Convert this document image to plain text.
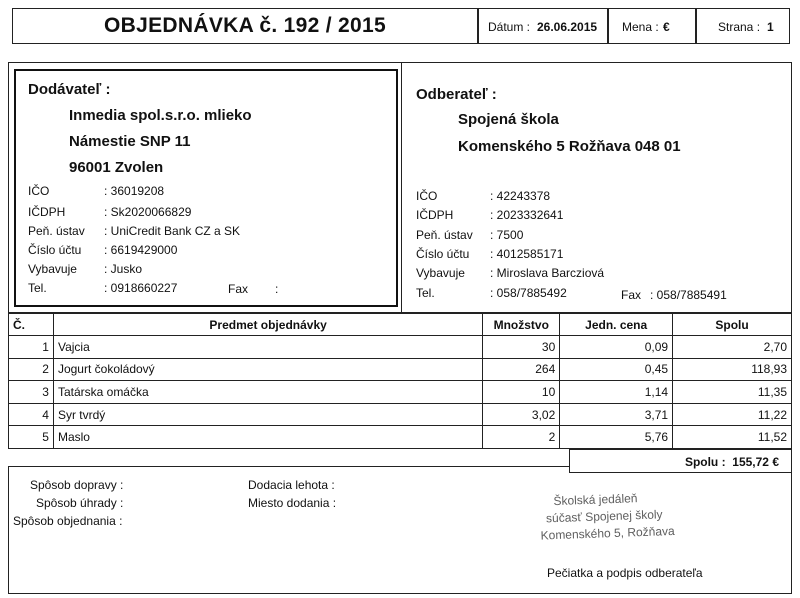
OBJEDNÁVKA č. 192 / 2015	Dátum : 26.06.2015 Mena : €	Strana : 1
Dodávateľ :
Inmedia spol.s.r.o. mlieko
Námestie SNP 11
96001 Zvolen
IČO	: 36019208
IČDPH	: Sk2020066829
Peň. ústav : UniCredit Bank CZ a SK
Číslo účtu : 6619429000
Vybavuje : Jusko
Tel.	: 0918660227	Fax :
Odberateľ :
Spojená škola
Komenského 5 Rožňava 048 01
IČO	: 42243378
IČDPH	: 2023332641
Peň. ústav : 7500
Číslo účtu : 4012585171
Vybavuje : Miroslava Barcziová
Tel.	: 058/7885492	Fax : 058/7885491
Č.	Predmet objednávky	Množstvo	Jedn. cena	Spolu
1	Vajcia	30	0,09	2,70
2	Jogurt čokoládový	264	0,45	118,93
3	Tatárska omáčka	10	1,14	11,35
4	Syr tvrdý	3,02	3,71	11,22
5	Maslo	2	5,76	11,52
Spolu : 155,72 €
Spôsob dopravy :
Spôsob úhrady :
Spôsob objednania :
Dodacia lehota :
Miesto dodania :	Školská jedáleň
súčasť Spojenej školy
Komenského 5, Rožňava
Pečiatka a podpis odberateľa
